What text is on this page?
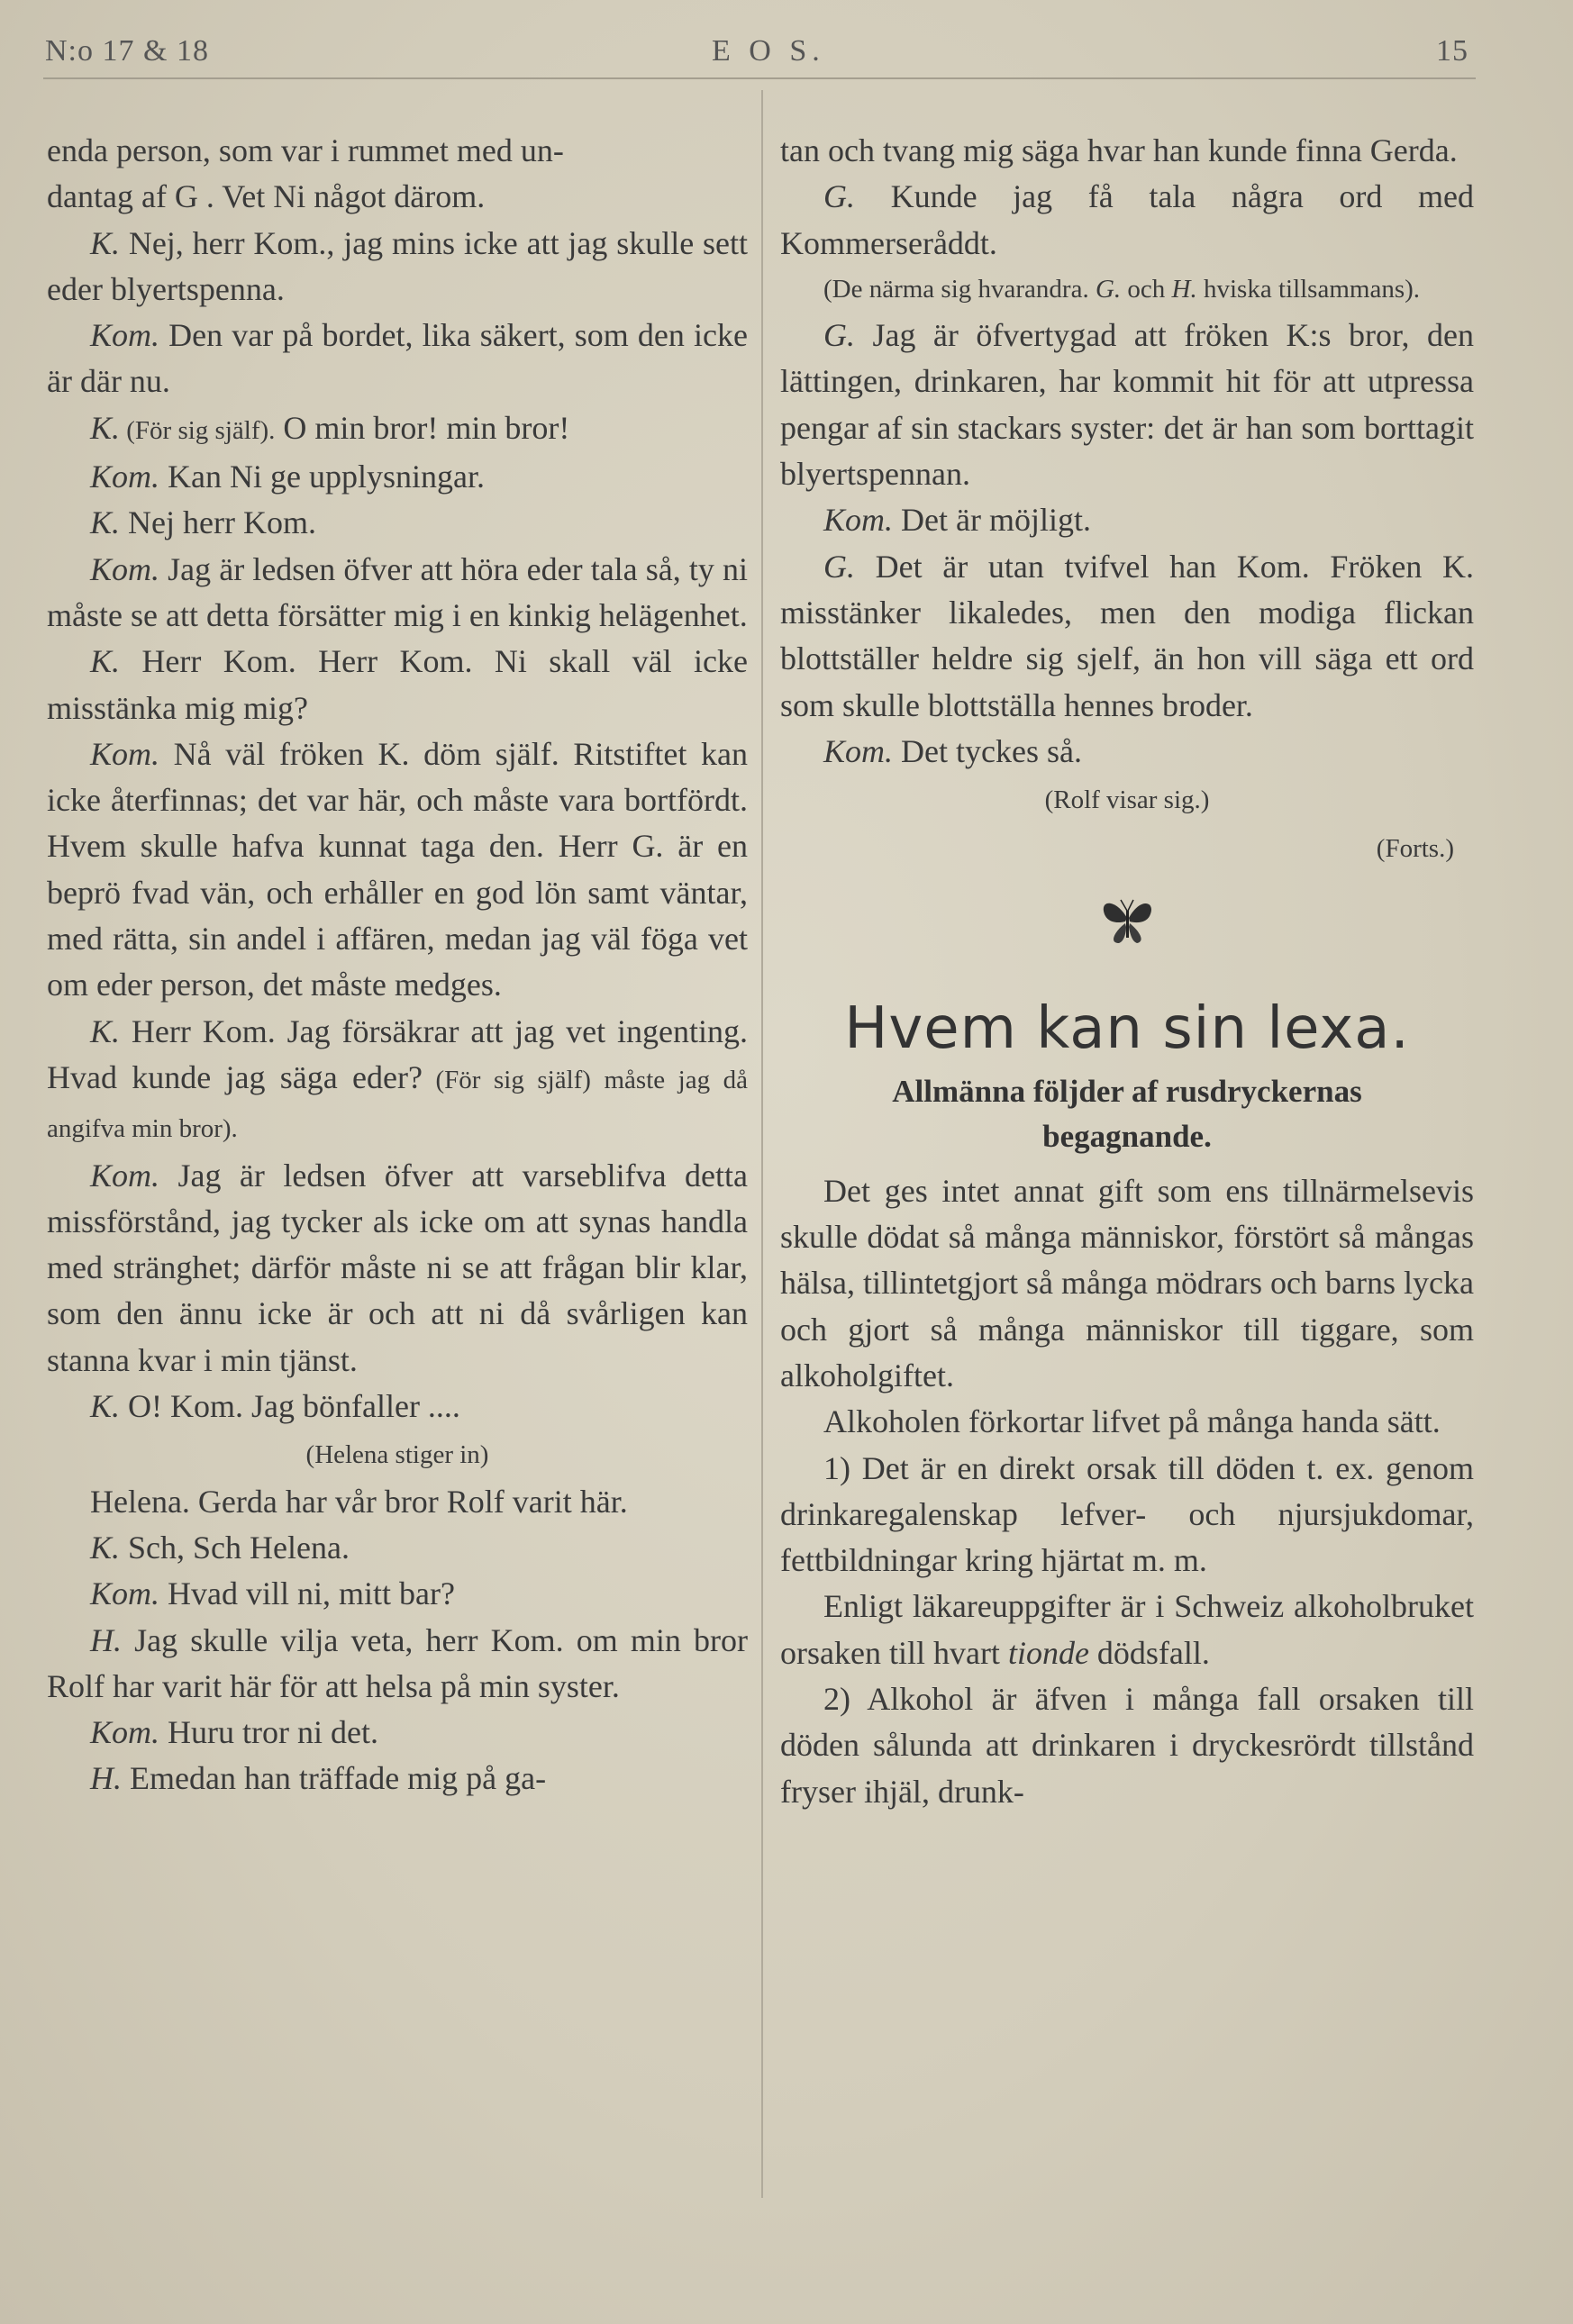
N:o 17 & 18	E O S.	15

enda person, som var i rummet med un-

dantag af G . Vet Ni något därom.

K. Nej, herr Kom., jag mins icke att jag skulle sett eder blyertspenna.

Kom. Den var på bordet, lika säkert, som den icke är där nu.

K. (För sig själf). O min bror! min bror!

Kom. Kan Ni ge upplysningar.

K. Nej herr Kom.

Kom. Jag är ledsen öfver att höra eder tala så, ty ni måste se att detta försätter mig i en kinkig helägenhet.

K. Herr Kom. Herr Kom. Ni skall väl icke misstänka mig mig?

Kom. Nå väl fröken K. döm själf. Ritstiftet kan icke återfinnas; det var här, och måste vara bortfördt. Hvem skulle hafva kunnat taga den. Herr G. är en beprö fvad vän, och erhåller en god lön samt väntar, med rätta, sin andel i affären, medan jag väl föga vet om eder person, det måste medges.

K. Herr Kom. Jag försäkrar att jag vet ingenting. Hvad kunde jag säga eder? (För sig själf) måste jag då angifva min bror).

Kom. Jag är ledsen öfver att varseblifva detta missförstånd, jag tycker als icke om att synas handla med stränghet; därför måste ni se att frågan blir klar, som den ännu icke är och att ni då svårligen kan stanna kvar i min tjänst.

K. O! Kom. Jag bönfaller ....

(Helena stiger in)

Helena. Gerda har vår bror Rolf varit här.

K. Sch, Sch Helena.

Kom. Hvad vill ni, mitt bar?

H. Jag skulle vilja veta, herr Kom. om min bror Rolf har varit här för att helsa på min syster.

Kom. Huru tror ni det.

H. Emedan han träffade mig på ga-

tan och tvang mig säga hvar han kunde finna Gerda.

G. Kunde jag få tala några ord med Kommerseråddt.

(De närma sig hvarandra. G. och H. hviska tillsammans).

G. Jag är öfvertygad att fröken K:s bror, den lättingen, drinkaren, har kommit hit för att utpressa pengar af sin stackars syster: det är han som borttagit blyertspennan.

Kom. Det är möjligt.

G. Det är utan tvifvel han Kom. Fröken K. misstänker likaledes, men den modiga flickan blottställer heldre sig sjelf, än hon vill säga ett ord som skulle blottställa hennes broder.

Kom. Det tyckes så.

(Rolf visar sig.)

(Forts.)

Hvem kan sin lexa.
Allmänna följder af rusdryckernas
begagnande.

Det ges intet annat gift som ens tillnärmelsevis skulle dödat så många människor, förstört så mångas hälsa, tillintetgjort så många mödrars och barns lycka och gjort så många människor till tiggare, som alkoholgiftet.

Alkoholen förkortar lifvet på många handa sätt.

1) Det är en direkt orsak till döden t. ex. genom drinkaregalenskap lefver- och njursjukdomar, fettbildningar kring hjärtat m. m.

Enligt läkareuppgifter är i Schweiz alkoholbruket orsaken till hvart tionde dödsfall.

2) Alkohol är äfven i många fall orsaken till döden sålunda att drinkaren i dryckesrördt tillstånd fryser ihjäl, drunk-
